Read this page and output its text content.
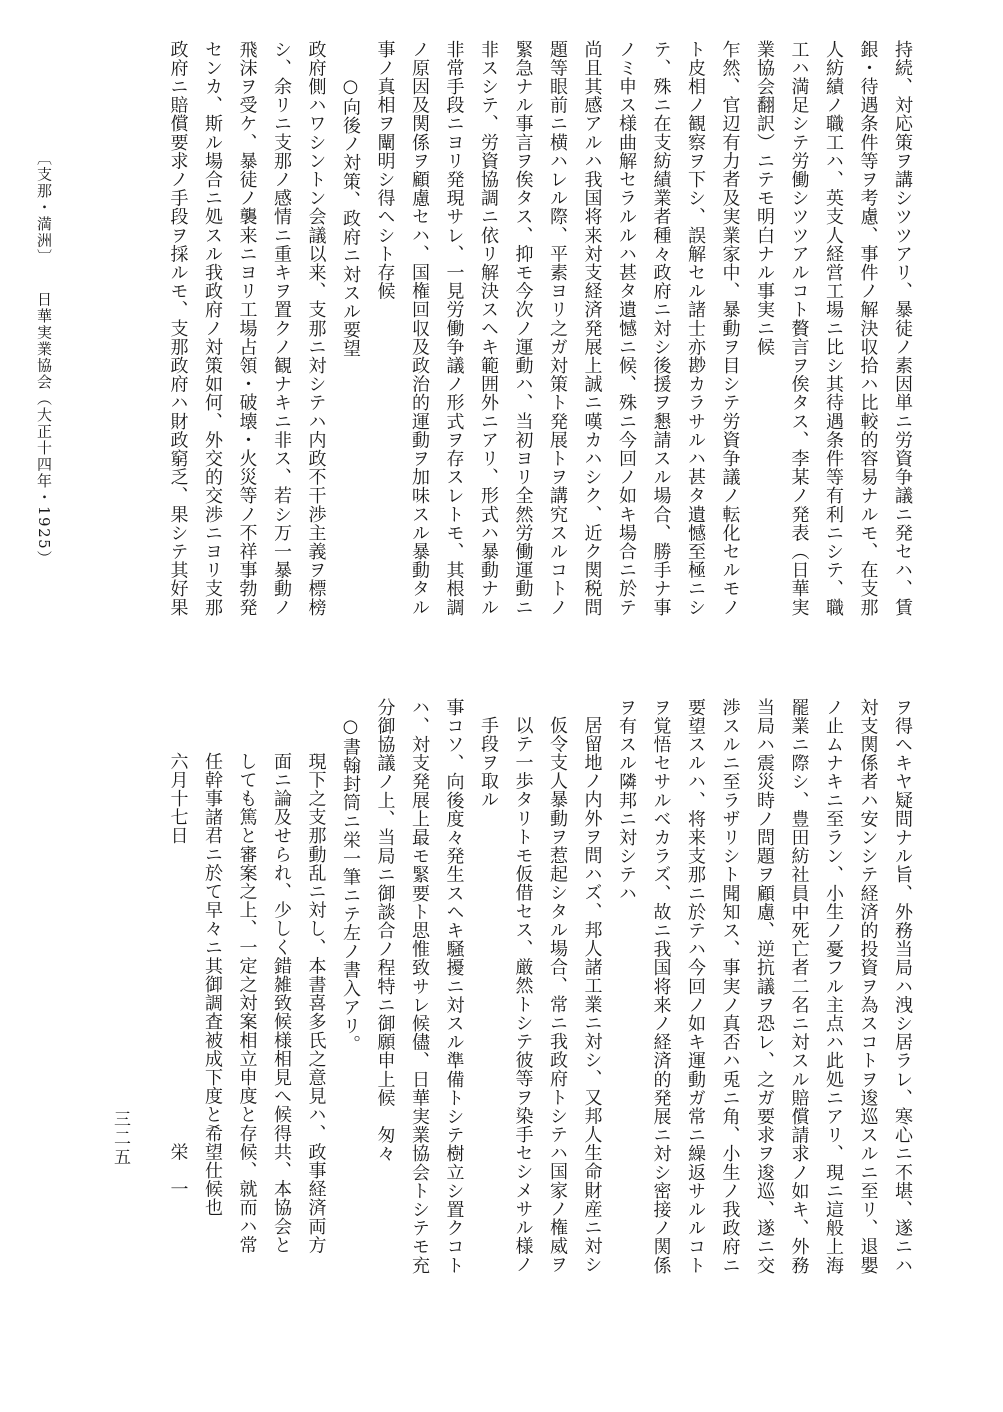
〔支那・満洲〕日華実業協会（大正十四年・1925）	持続、対応策ヲ講シツツアリ、暴徒ノ素因単ニ労資争議ニ発セハ、賃
銀・待遇条件等ヲ考慮、事件ノ解決収拾ハ比較的容易ナルモ、在支那
人紡績ノ職工ハ、英支人経営工場ニ比シ其待遇条件等有利ニシテ、職
工ハ満足シテ労働シツツアルコト贅言ヲ俟タス、李某ノ発表（日華実
業協会翻訳）ニテモ明白ナル事実ニ候
乍然、官辺有力者及実業家中、暴動ヲ目シテ労資争議ノ転化セルモノ
ト皮相ノ観察ヲ下シ、誤解セル諸士亦尠カラサルハ甚タ遺憾至極ニシ
テ、殊ニ在支紡績業者種々政府ニ対シ後援ヲ懇請スル場合、勝手ナ事
ノミ申ス様曲解セラルルハ甚タ遺憾ニ候、殊ニ今回ノ如キ場合ニ於テ
尚且其感アルハ我国将来対支経済発展上誠ニ嘆カハシク、近ク関税問
題等眼前ニ横ハレル際、平素ヨリ之ガ対策ト発展トヲ講究スルコトノ
緊急ナル事言ヲ俟タス、抑モ今次ノ運動ハ、当初ヨリ全然労働運動ニ
非スシテ、労資協調ニ依リ解決スヘキ範囲外ニアリ、形式ハ暴動ナル
非常手段ニヨリ発現サレ、一見労働争議ノ形式ヲ存スレトモ、其根調
ノ原因及関係ヲ顧慮セハ、国権回収及政治的運動ヲ加味スル暴動タル
事ノ真相ヲ闡明シ得ヘシト存候
○向後ノ対策、政府ニ対スル要望
政府側ハワシントン会議以来、支那ニ対シテハ内政不干渉主義ヲ標榜
シ、余リニ支那ノ感情ニ重キヲ置クノ観ナキニ非ス、若シ万一暴動ノ
飛沫ヲ受ケ、暴徒ノ襲来ニヨリ工場占領・破壊・火災等ノ不祥事勃発
センカ、斯ル場合ニ処スル我政府ノ対策如何、外交的交渉ニヨリ支那
政府ニ賠償要求ノ手段ヲ採ルモ、支那政府ハ財政窮乏、果シテ其好果
ヲ得ヘキヤ疑問ナル旨、外務当局ハ洩シ居ラレ、寒心ニ不堪、遂ニハ
対支関係者ハ安ンシテ経済的投資ヲ為スコトヲ逡巡スルニ至リ、退嬰
ノ止ムナキニ至ラン、小生ノ憂フル主点ハ此処ニアリ、現ニ這般上海
罷業ニ際シ、豊田紡社員中死亡者二名ニ対スル賠償請求ノ如キ、外務
当局ハ震災時ノ問題ヲ顧慮、逆抗議ヲ恐レ、之ガ要求ヲ逡巡、遂ニ交
渉スルニ至ラザリシト聞知ス、事実ノ真否ハ兎ニ角、小生ノ我政府ニ
要望スルハ、将来支那ニ於テハ今回ノ如キ運動ガ常ニ繰返サルルコト
ヲ覚悟セサルベカラズ、故ニ我国将来ノ経済的発展ニ対シ密接ノ関係
ヲ有スル隣邦ニ対シテハ
居留地ノ内外ヲ問ハズ、邦人諸工業ニ対シ、又邦人生命財産ニ対シ
仮令支人暴動ヲ惹起シタル場合、常ニ我政府トシテハ国家ノ権威ヲ
以テ一歩タリトモ仮借セス、厳然トシテ彼等ヲ染手セシメサル様ノ
手段ヲ取ル
事コソ、向後度々発生スヘキ騒擾ニ対スル準備トシテ樹立シ置クコト
ハ、対支発展上最モ緊要ト思惟致サレ候儘、日華実業協会トシテモ充
分御協議ノ上、当局ニ御談合ノ程特ニ御願申上候　匆々
○書翰封筒ニ栄一筆ニテ左ノ書入アリ。
現下之支那動乱ニ対し、本書喜多氏之意見ハ、政事経済両方
面ニ論及せられ、少しく錯雑致候様相見へ候得共、本協会と
しても篤と審案之上、一定之対案相立申度と存候、就而ハ常
任幹事諸君ニ於て早々ニ其御調査被成下度と希望仕候也
六月十七日　　　　　　　　　　　　　　　　栄　一
三二五
